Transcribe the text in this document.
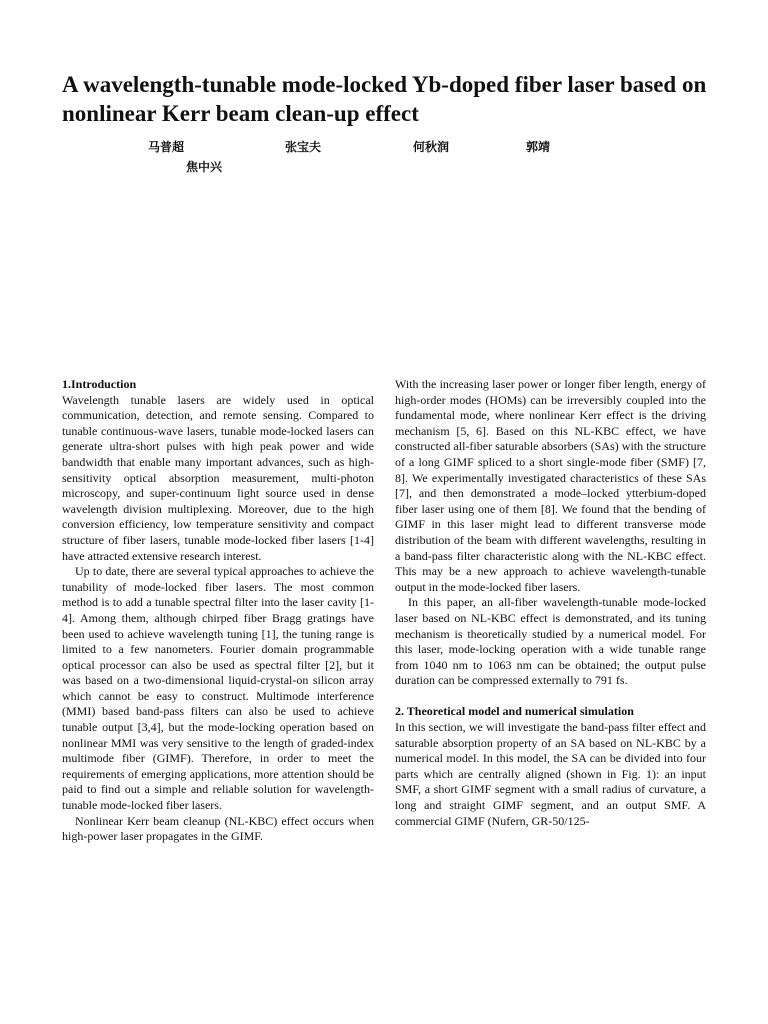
A wavelength-tunable mode-locked Yb-doped fiber laser based on nonlinear Kerr beam clean-up effect
马普超	张宝夫	何秋润	郭靖
焦中兴

1.Introduction

Wavelength tunable lasers are widely used in optical communication, detection, and remote sensing. Compared to tunable continuous-wave lasers, tunable mode-locked lasers can generate ultra-short pulses with high peak power and wide bandwidth that enable many important advances, such as high-sensitivity optical absorption measurement, multi-photon microscopy, and super-continuum light source used in dense wavelength division multiplexing. Moreover, due to the high conversion efficiency, low temperature sensitivity and compact structure of fiber lasers, tunable mode-locked fiber lasers [1-4] have attracted extensive research interest.

Up to date, there are several typical approaches to achieve the tunability of mode-locked fiber lasers. The most common method is to add a tunable spectral filter into the laser cavity [1-4]. Among them, although chirped fiber Bragg gratings have been used to achieve wavelength tuning [1], the tuning range is limited to a few nanometers. Fourier domain programmable optical processor can also be used as spectral filter [2], but it was based on a two-dimensional liquid-crystal-on silicon array which cannot be easy to construct. Multimode interference (MMI) based band-pass filters can also be used to achieve tunable output [3,4], but the mode-locking operation based on nonlinear MMI was very sensitive to the length of graded-index multimode fiber (GIMF). Therefore, in order to meet the requirements of emerging applications, more attention should be paid to find out a simple and reliable solution for wavelength-tunable mode-locked fiber lasers.

Nonlinear Kerr beam cleanup (NL-KBC) effect occurs when high-power laser propagates in the GIMF.

With the increasing laser power or longer fiber length, energy of high-order modes (HOMs) can be irreversibly coupled into the fundamental mode, where nonlinear Kerr effect is the driving mechanism [5, 6]. Based on this NL-KBC effect, we have constructed all-fiber saturable absorbers (SAs) with the structure of a long GIMF spliced to a short single-mode fiber (SMF) [7, 8]. We experimentally investigated characteristics of these SAs [7], and then demonstrated a mode–locked ytterbium-doped fiber laser using one of them [8]. We found that the bending of GIMF in this laser might lead to different transverse mode distribution of the beam with different wavelengths, resulting in a band-pass filter characteristic along with the NL-KBC effect. This may be a new approach to achieve wavelength-tunable output in the mode-locked fiber lasers.

In this paper, an all-fiber wavelength-tunable mode-locked laser based on NL-KBC effect is demonstrated, and its tuning mechanism is theoretically studied by a numerical model. For this laser, mode-locking operation with a wide tunable range from 1040 nm to 1063 nm can be obtained; the output pulse duration can be compressed externally to 791 fs.

2. Theoretical model and numerical simulation

In this section, we will investigate the band-pass filter effect and saturable absorption property of an SA based on NL-KBC by a numerical model. In this model, the SA can be divided into four parts which are centrally aligned (shown in Fig. 1): an input SMF, a short GIMF segment with a small radius of curvature, a long and straight GIMF segment, and an output SMF. A commercial GIMF (Nufern, GR-50/125-
